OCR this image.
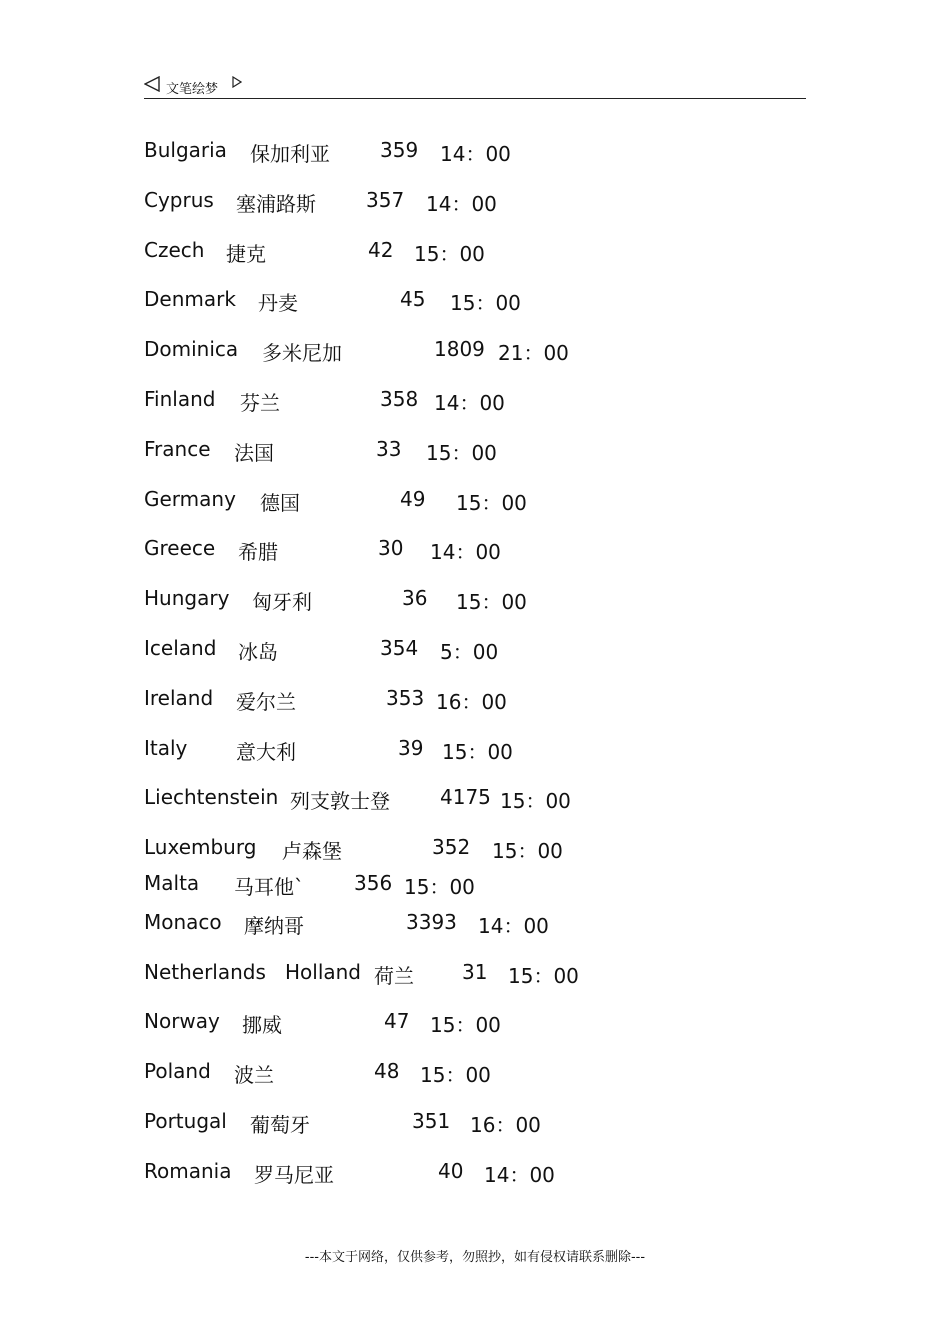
文笔绘梦
Bulgaria 保加利亚	359 14：00
Cyprus 塞浦路斯	357 14：00
Czech 捷克	42 15：00
Denmark 丹麦	45 15：00
Dominica 多米尼加	1809 21：00
Finland 芬兰	358 14：00
France 法国	33 15：00
Germany 德国	49 15：00
Greece 希腊	30 14：00
Hungary 匈牙利	36 15：00
Iceland 冰岛	354 5：00
Ireland 爱尔兰	353 16：00
Italy 意大利	39 15：00
Liechtenstein 列支敦士登	4175 15：00
Luxemburg 卢森堡	352 15：00
Malta 马耳他`	356 15：00
Monaco 摩纳哥	3393 14：00
Netherlands   Holland 荷兰 31 15：00
Norway 挪威	47 15：00
Poland 波兰	48 15：00
Portugal 葡萄牙	351 16：00
Romania 罗马尼亚	40 14：00
---本文于网络，仅供参考，勿照抄，如有侵权请联系删除---
